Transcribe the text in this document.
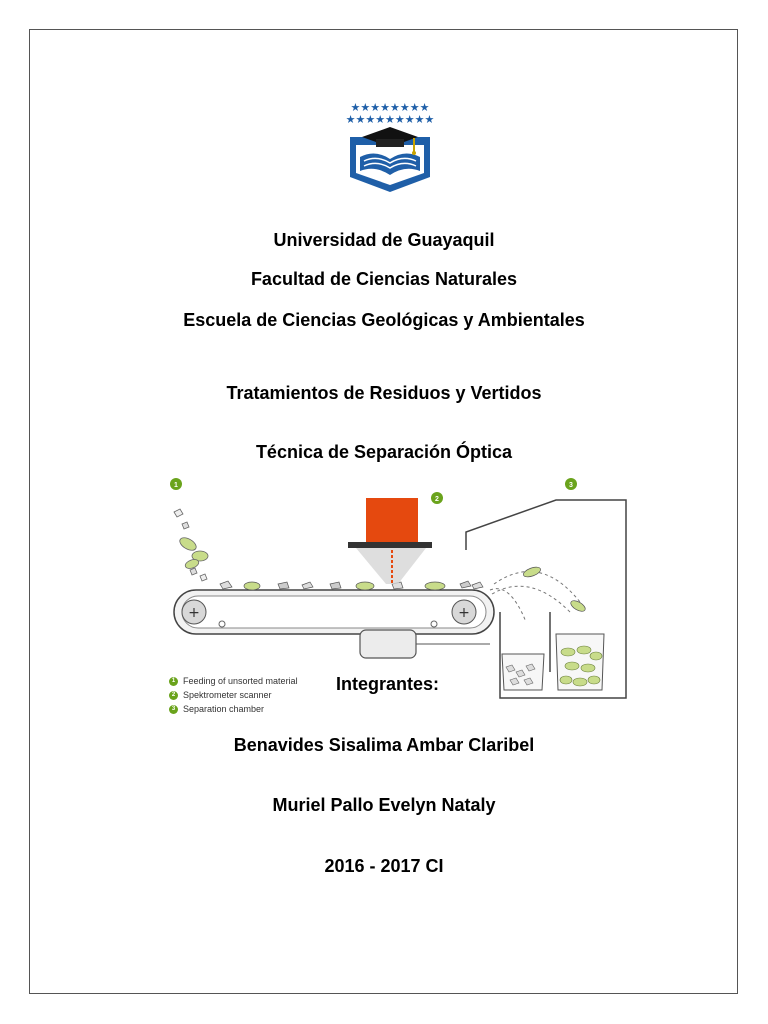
★★★★★★★★
★★★★★★★★★
Universidad de Guayaquil
Facultad de Ciencias Naturales
Escuela de Ciencias Geológicas y Ambientales
Tratamientos de Residuos y Vertidos
Técnica de Separación Óptica
1
2
3
+	+
1 Feeding of unsorted material
2 Spektrometer scanner
3 Separation chamber
Integrantes:
Benavides Sisalima Ambar Claribel
Muriel Pallo Evelyn Nataly
2016 - 2017 CI
